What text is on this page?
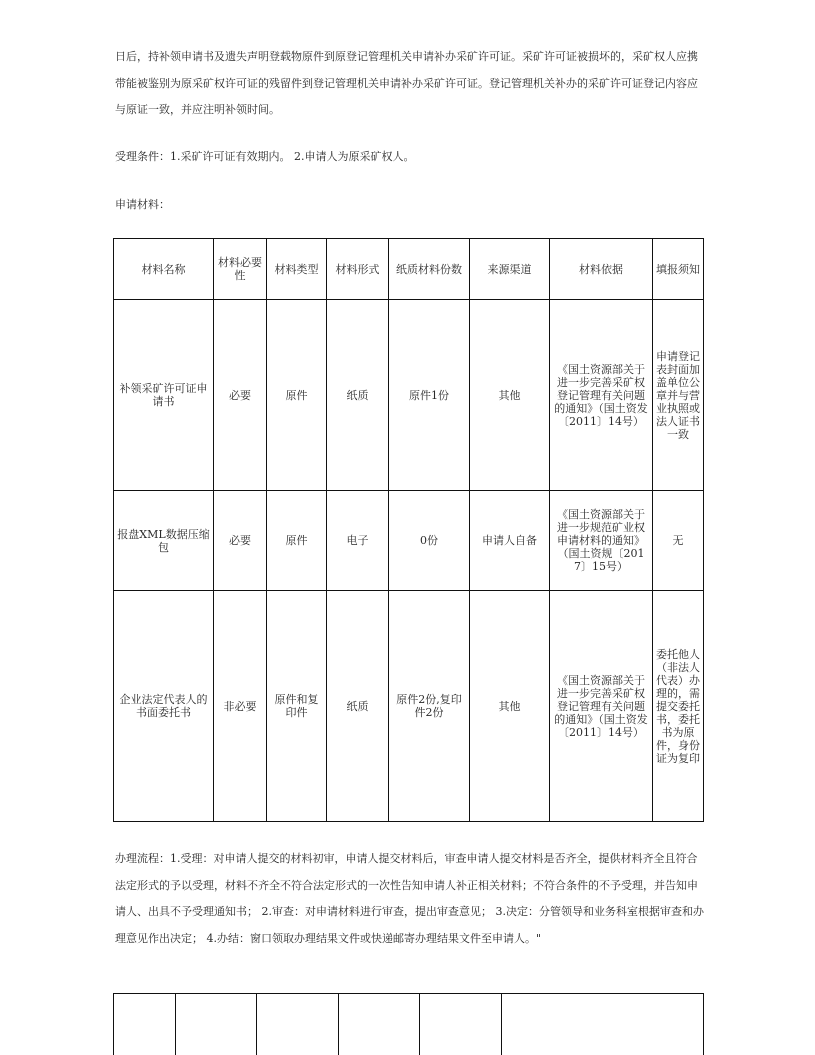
日后，持补领申请书及遗失声明登载物原件到原登记管理机关申请补办采矿许可证。采矿许可证被损坏的，采矿权人应携带能被鉴别为原采矿权许可证的残留件到登记管理机关申请补办采矿许可证。登记管理机关补办的采矿许可证登记内容应与原证一致，并应注明补领时间。

受理条件：1.采矿许可证有效期内。 2.申请人为原采矿权人。

申请材料：

材料名称	材料必要性	材料类型	材料形式	纸质材料份数	来源渠道	材料依据	填报须知
补领采矿许可证申请书	必要	原件	纸质	原件1份	其他	《国土资源部关于进一步完善采矿权登记管理有关问题的通知》（国土资发〔2011〕14号）	申请登记表封面加盖单位公章并与营业执照或法人证书一致
报盘XML数据压缩包	必要	原件	电子	0份	申请人自备	《国土资源部关于进一步规范矿业权申请材料的通知》（国土资规〔2017〕15号）	无
企业法定代表人的书面委托书	非必要	原件和复印件	纸质	原件2份,复印件2份	其他	《国土资源部关于进一步完善采矿权登记管理有关问题的通知》（国土资发〔2011〕14号）	委托他人（非法人代表）办理的，需提交委托书，委托书为原件，身份证为复印

办理流程：1.受理：对申请人提交的材料初审，申请人提交材料后，审查申请人提交材料是否齐全，提供材料齐全且符合法定形式的予以受理，材料不齐全不符合法定形式的一次性告知申请人补正相关材料；不符合条件的不予受理，并告知申请人、出具不予受理通知书； 2.审查：对申请材料进行审查，提出审查意见； 3.决定：分管领导和业务科室根据审查和办理意见作出决定； 4.办结：窗口领取办理结果文件或快递邮寄办理结果文件至申请人。"
